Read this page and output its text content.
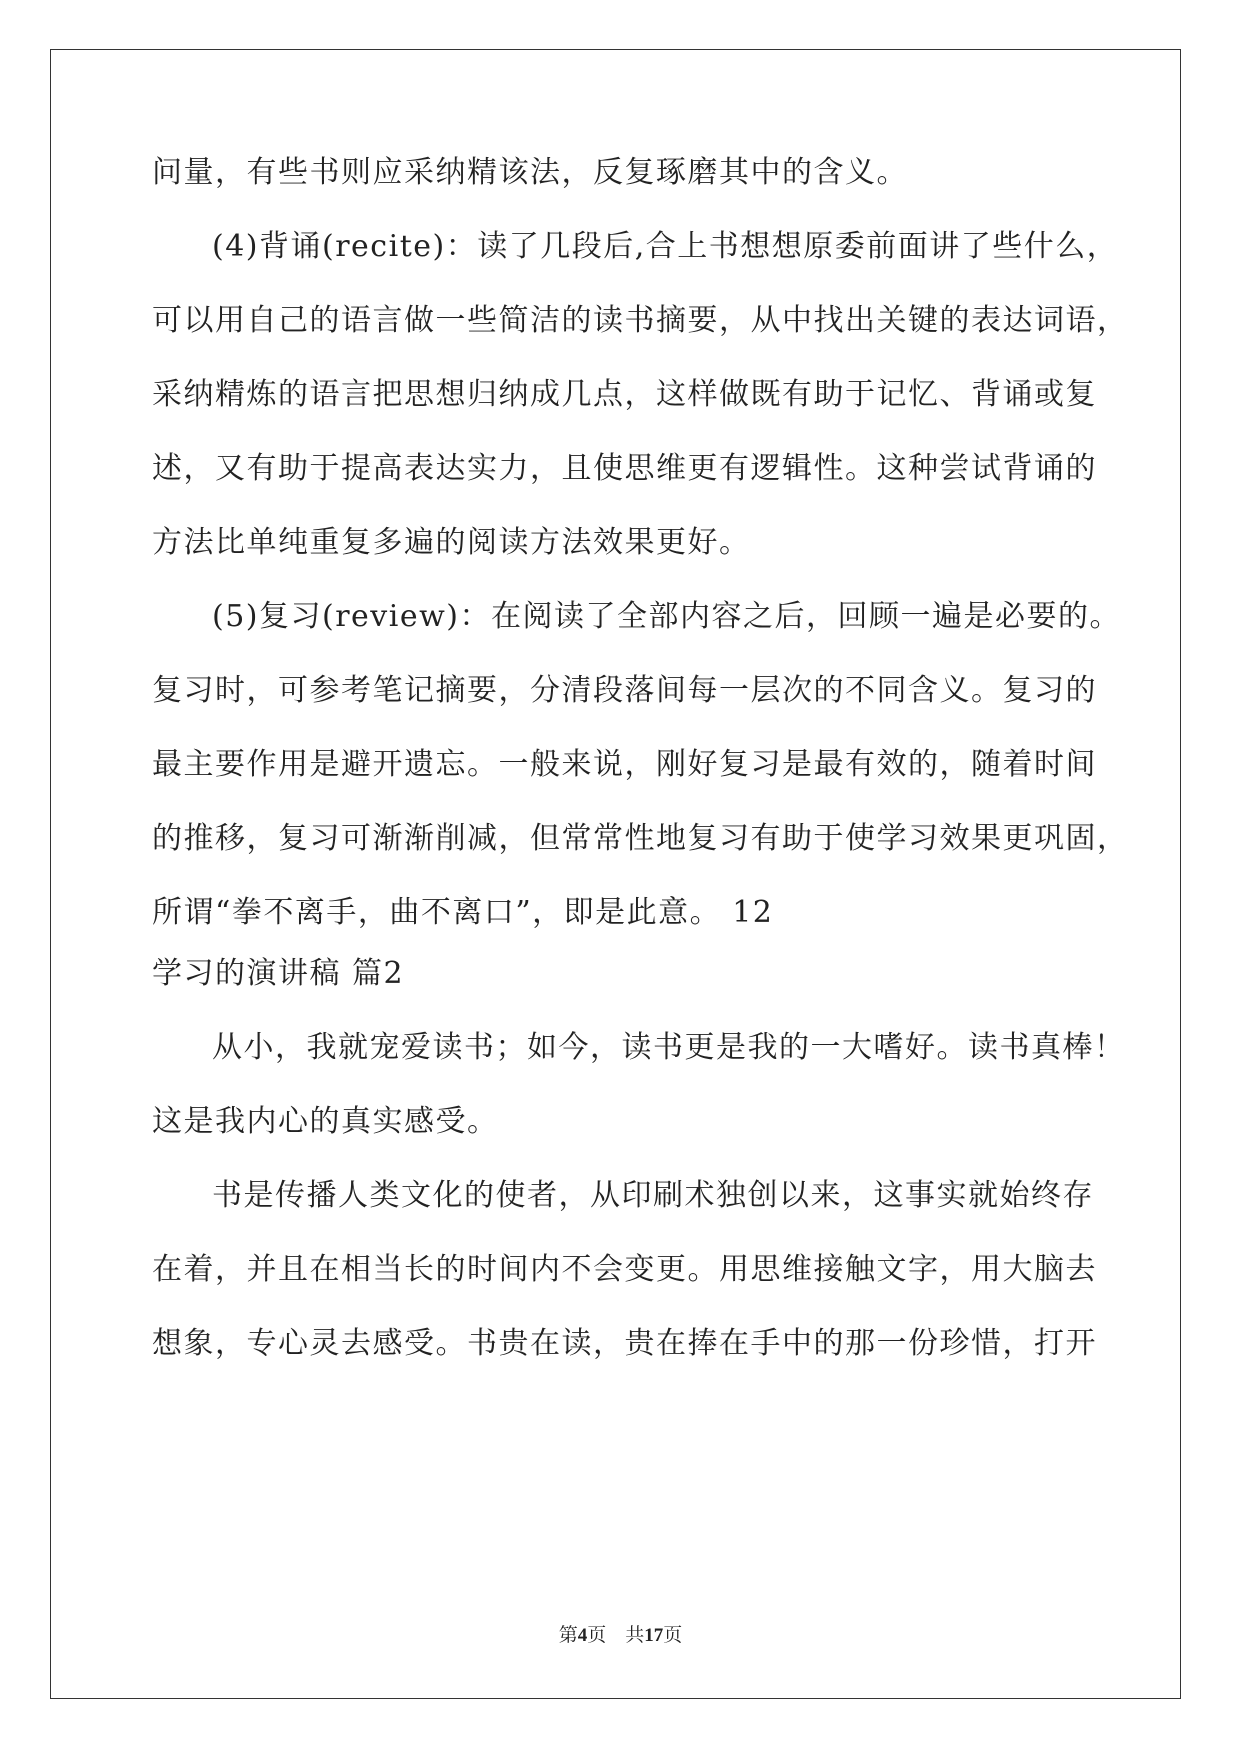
问量，有些书则应采纳精该法，反复琢磨其中的含义。
(4)背诵(recite)：读了几段后,合上书想想原委前面讲了些什么，
可以用自己的语言做一些简洁的读书摘要，从中找出关键的表达词语，
采纳精炼的语言把思想归纳成几点，这样做既有助于记忆、背诵或复
述，又有助于提高表达实力，且使思维更有逻辑性。这种尝试背诵的
方法比单纯重复多遍的阅读方法效果更好。
(5)复习(review)：在阅读了全部内容之后，回顾一遍是必要的。
复习时，可参考笔记摘要，分清段落间每一层次的不同含义。复习的
最主要作用是避开遗忘。一般来说，刚好复习是最有效的，随着时间
的推移，复习可渐渐削减，但常常性地复习有助于使学习效果更巩固，
所谓“拳不离手，曲不离口”，即是此意。 12
学习的演讲稿 篇2
从小，我就宠爱读书；如今，读书更是我的一大嗜好。读书真棒！
这是我内心的真实感受。
书是传播人类文化的使者，从印刷术独创以来，这事实就始终存
在着，并且在相当长的时间内不会变更。用思维接触文字，用大脑去
想象，专心灵去感受。书贵在读，贵在捧在手中的那一份珍惜，打开
第4页　共17页
